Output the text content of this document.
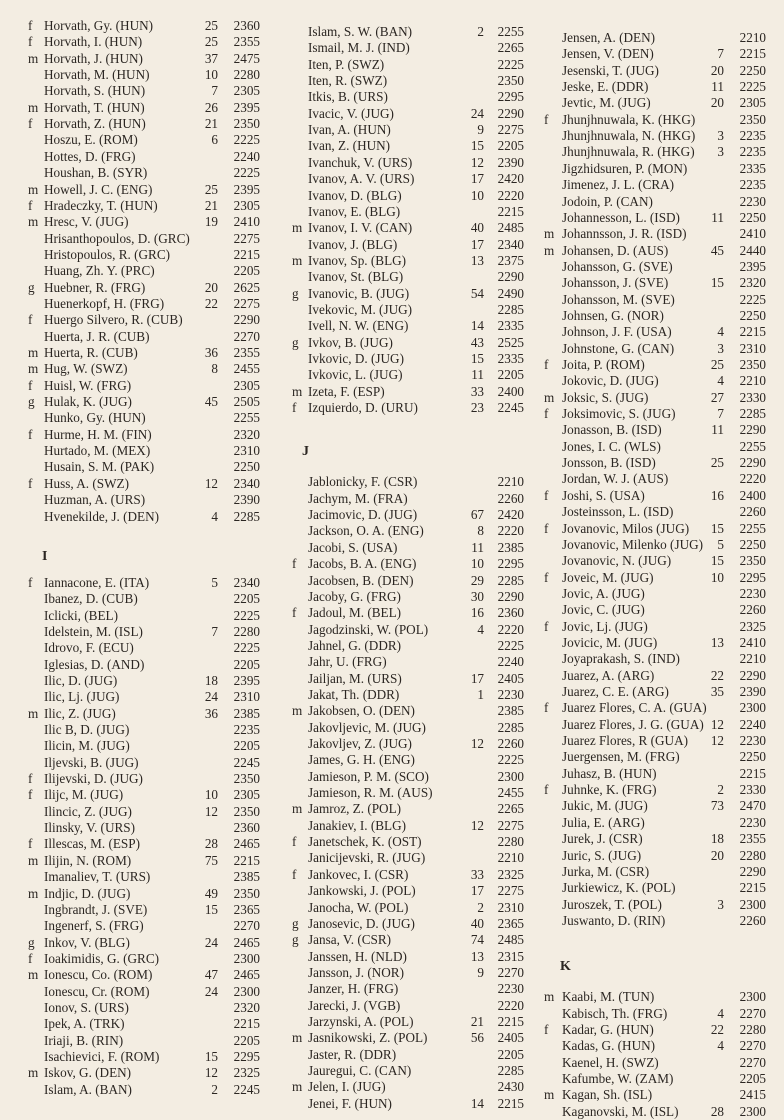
f Horvath, Gy. (HUN)	25	2360
f Horvath, I. (HUN)	25	2355
m Horvath, J. (HUN)	37	2475
Horvath, M. (HUN)	10	2280
Horvath, S. (HUN)	7	2305
m Horvath, T. (HUN)	26	2395
f Horvath, Z. (HUN)	21	2350
Hoszu, E. (ROM)	6	2225
Hottes, D. (FRG)	2240
Houshan, B. (SYR)	2225
m Howell, J. C. (ENG)	25	2395
f Hradeczky, T. (HUN)	21	2305
m Hresc, V. (JUG)	19	2410
Hrisanthopoulos, D. (GRC)	2275
Hristopoulos, R. (GRC)	2215
Huang, Zh. Y. (PRC)	2205
g Huebner, R. (FRG)	20	2625
Huenerkopf, H. (FRG)	22	2275
f Huergo Silvero, R. (CUB)	2290
Huerta, J. R. (CUB)	2270
m Huerta, R. (CUB)	36	2355
m Hug, W. (SWZ)	8	2455
f Huisl, W. (FRG)	2305
g Hulak, K. (JUG)	45	2505
Hunko, Gy. (HUN)	2255
f Hurme, H. M. (FIN)	2320
Hurtado, M. (MEX)	2310
Husain, S. M. (PAK)	2250
f Huss, A. (SWZ)	12	2340
Huzman, A. (URS)	2390
Hvenekilde, J. (DEN)	4	2285
I
f Iannacone, E. (ITA)	5	2340
Ibanez, D. (CUB)	2205
Iclicki, (BEL)	2225
Idelstein, M. (ISL)	7	2280
Idrovo, F. (ECU)	2225
Iglesias, D. (AND)	2205
Ilic, D. (JUG)	18	2395
Ilic, Lj. (JUG)	24	2310
m Ilic, Z. (JUG)	36	2385
Ilic B, D. (JUG)	2235
Ilicin, M. (JUG)	2205
Iljevski, B. (JUG)	2245
f Ilijevski, D. (JUG)	2350
f Ilijc, M. (JUG)	10	2305
Ilincic, Z. (JUG)	12	2350
Ilinsky, V. (URS)	2360
f Illescas, M. (ESP)	28	2465
m Ilijin, N. (ROM)	75	2215
Imanaliev, T. (URS)	2385
m Indjic, D. (JUG)	49	2350
Ingbrandt, J. (SVE)	15	2365
Ingenerf, S. (FRG)	2270
g Inkov, V. (BLG)	24	2465
f Ioakimidis, G. (GRC)	2300
m Ionescu, Co. (ROM)	47	2465
Ionescu, Cr. (ROM)	24	2300
Ionov, S. (URS)	2320
Ipek, A. (TRK)	2215
Iriaji, B. (RIN)	2205
Isachievici, F. (ROM)	15	2295
m Iskov, G. (DEN)	12	2325
Islam, A. (BAN)	2	2245
Islam, S. W. (BAN)	2	2255
Ismail, M. J. (IND)	2265
Iten, P. (SWZ)	2225
Iten, R. (SWZ)	2350
Itkis, B. (URS)	2295
Ivacic, V. (JUG)	24	2290
Ivan, A. (HUN)	9	2275
Ivan, Z. (HUN)	15	2205
Ivanchuk, V. (URS)	12	2390
Ivanov, A. V. (URS)	17	2420
Ivanov, D. (BLG)	10	2220
Ivanov, E. (BLG)	2215
m Ivanov, I. V. (CAN)	40	2485
Ivanov, J. (BLG)	17	2340
m Ivanov, Sp. (BLG)	13	2375
Ivanov, St. (BLG)	2290
g Ivanovic, B. (JUG)	54	2490
Ivekovic, M. (JUG)	2285
Ivell, N. W. (ENG)	14	2335
g Ivkov, B. (JUG)	43	2525
Ivkovic, D. (JUG)	15	2335
Ivkovic, L. (JUG)	11	2205
m Izeta, F. (ESP)	33	2400
f Izquierdo, D. (URU)	23	2245
J
Jablonicky, F. (CSR)	2210
Jachym, M. (FRA)	2260
Jacimovic, D. (JUG)	67	2420
Jackson, O. A. (ENG)	8	2220
Jacobi, S. (USA)	11	2385
f Jacobs, B. A. (ENG)	10	2295
Jacobsen, B. (DEN)	29	2285
Jacoby, G. (FRG)	30	2290
f Jadoul, M. (BEL)	16	2360
Jagodzinski, W. (POL)	4	2220
Jahnel, G. (DDR)	2225
Jahr, U. (FRG)	2240
Jailjan, M. (URS)	17	2405
Jakat, Th. (DDR)	1	2230
m Jakobsen, O. (DEN)	2385
Jakovljevic, M. (JUG)	2285
Jakovljev, Z. (JUG)	12	2260
James, G. H. (ENG)	2225
Jamieson, P. M. (SCO)	2300
Jamieson, R. M. (AUS)	2455
m Jamroz, Z. (POL)	2265
Janakiev, I. (BLG)	12	2275
f Janetschek, K. (OST)	2280
Janicijevski, R. (JUG)	2210
f Jankovec, I. (CSR)	33	2325
Jankowski, J. (POL)	17	2275
Janocha, W. (POL)	2	2310
g Janosevic, D. (JUG)	40	2365
g Jansa, V. (CSR)	74	2485
Janssen, H. (NLD)	13	2315
Jansson, J. (NOR)	9	2270
Janzer, H. (FRG)	2230
Jarecki, J. (VGB)	2220
Jarzynski, A. (POL)	21	2215
m Jasnikowski, Z. (POL)	56	2405
Jaster, R. (DDR)	2205
Jauregui, C. (CAN)	2285
m Jelen, I. (JUG)	2430
Jenei, F. (HUN)	14	2215
Jensen, A. (DEN)	2210
Jensen, V. (DEN)	7	2215
Jesenski, T. (JUG)	20	2250
Jeske, E. (DDR)	11	2225
Jevtic, M. (JUG)	20	2305
f	Jhunjhnuwala, K. (HKG)	2350
Jhunjhnuwala, N. (HKG)	3	2235
Jhunjhnuwala, R. (HKG)	3	2235
Jigzhidsuren, P. (MON)	2335
Jimenez, J. L. (CRA)	2235
Jodoin, P. (CAN)	2230
Johannesson, L. (ISD)	11	2250
m Johannsson, J. R. (ISD)	2410
m Johansen, D. (AUS)	45	2440
Johansson, G. (SVE)	2395
Johansson, J. (SVE)	15	2320
Johansson, M. (SVE)	2225
Johnsen, G. (NOR)	2250
Johnson, J. F. (USA)	4	2215
Johnstone, G. (CAN)	3	2310
f	Joita, P. (ROM)	25	2350
Jokovic, D. (JUG)	4	2210
m Joksic, S. (JUG)	27	2330
f	Joksimovic, S. (JUG)	7	2285
Jonasson, B. (ISD)	11	2290
Jones, I. C. (WLS)	2255
Jonsson, B. (ISD)	25	2290
Jordan, W. J. (AUS)	2220
f	Joshi, S. (USA)	16	2400
Josteinsson, L. (ISD)	2260
f	Jovanovic, Milos (JUG)	15	2255
Jovanovic, Milenko (JUG)	5	2250
Jovanovic, N. (JUG)	15	2350
f	Joveic, M. (JUG)	10	2295
Jovic, A. (JUG)	2230
Jovic, C. (JUG)	2260
f	Jovic, Lj. (JUG)	2325
Jovicic, M. (JUG)	13	2410
Joyaprakash, S. (IND)	2210
Juarez, A. (ARG)	22	2290
Juarez, C. E. (ARG)	35	2390
f	Juarez Flores, C. A. (GUA)	2300
Juarez Flores, J. G. (GUA) 12	2240
Juarez Flores, R (GUA)	12	2230
Juergensen, M. (FRG)	2250
Juhasz, B. (HUN)	2215
f	Juhnke, K. (FRG)	2	2330
Jukic, M. (JUG)	73	2470
Julia, E. (ARG)	2230
Jurek, J. (CSR)	18	2355
Juric, S. (JUG)	20	2280
Jurka, M. (CSR)	2290
Jurkiewicz, K. (POL)	2215
Juroszek, T. (POL)	3	2300
Juswanto, D. (RIN)	2260
K
m Kaabi, M. (TUN)	2300
Kabisch, Th. (FRG)	4	2270
f	Kadar, G. (HUN)	22	2280
Kadas, G. (HUN)	4	2270
Kaenel, H. (SWZ)	2270
Kafumbe, W. (ZAM)	2205
m Kagan, Sh. (ISL)	2415
Kaganovski, M. (ISL)	28	2300
